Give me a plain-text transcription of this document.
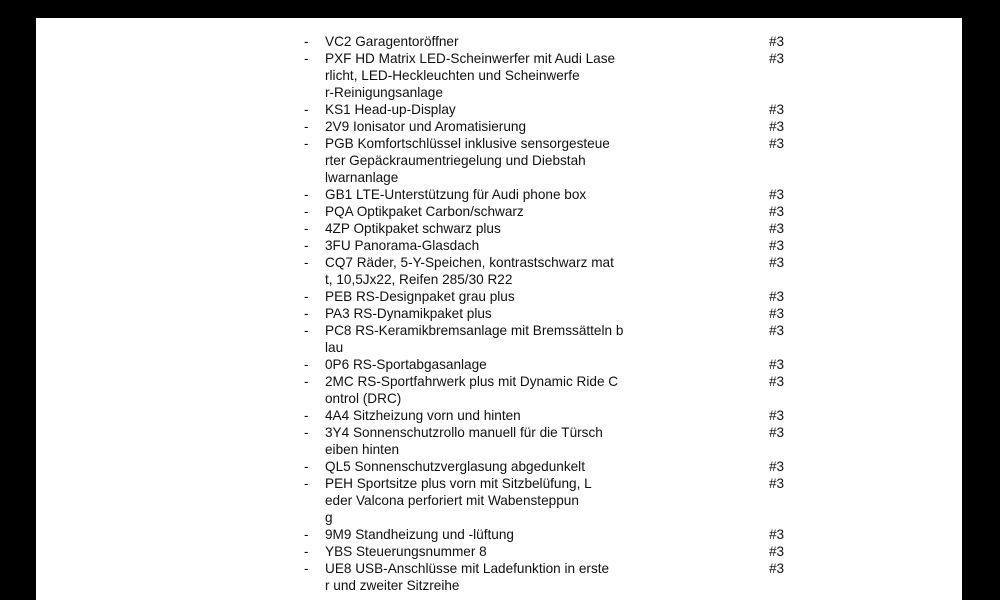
- VC2 Garagentoröffner	#3
- PXF HD Matrix LED-Scheinwerfer mit Audi Lase
rlicht, LED-Heckleuchten und Scheinwerfe
r-Reinigungsanlage
#3
- KS1 Head-up-Display	#3
- 2V9 Ionisator und Aromatisierung	#3
- PGB Komfortschlüssel inklusive sensorgesteue
rter Gepäckraumentriegelung und Diebstah
lwarnanlage
#3
- GB1 LTE-Unterstützung für Audi phone box	#3
- PQA Optikpaket Carbon/schwarz	#3
- 4ZP Optikpaket schwarz plus	#3
- 3FU Panorama-Glasdach	#3
- CQ7 Räder, 5-Y-Speichen, kontrastschwarz mat
t, 10,5Jx22, Reifen 285/30 R22
#3
- PEB RS-Designpaket grau plus	#3
- PA3 RS-Dynamikpaket plus	#3
- PC8 RS-Keramikbremsanlage mit Bremssätteln b
lau
#3
- 0P6 RS-Sportabgasanlage	#3
- 2MC RS-Sportfahrwerk plus mit Dynamic Ride C
ontrol (DRC)
#3
- 4A4 Sitzheizung vorn und hinten	#3
- 3Y4 Sonnenschutzrollo manuell für die Türsch
eiben hinten
#3
- QL5 Sonnenschutzverglasung abgedunkelt	#3
- PEH Sportsitze plus vorn mit Sitzbelüfung, L
eder Valcona perforiert mit Wabensteppun
g
#3
- 9M9 Standheizung und -lüftung	#3
- YBS Steuerungsnummer 8	#3
- UE8 USB-Anschlüsse mit Ladefunktion in erste
r und zweiter Sitzreihe
#3
